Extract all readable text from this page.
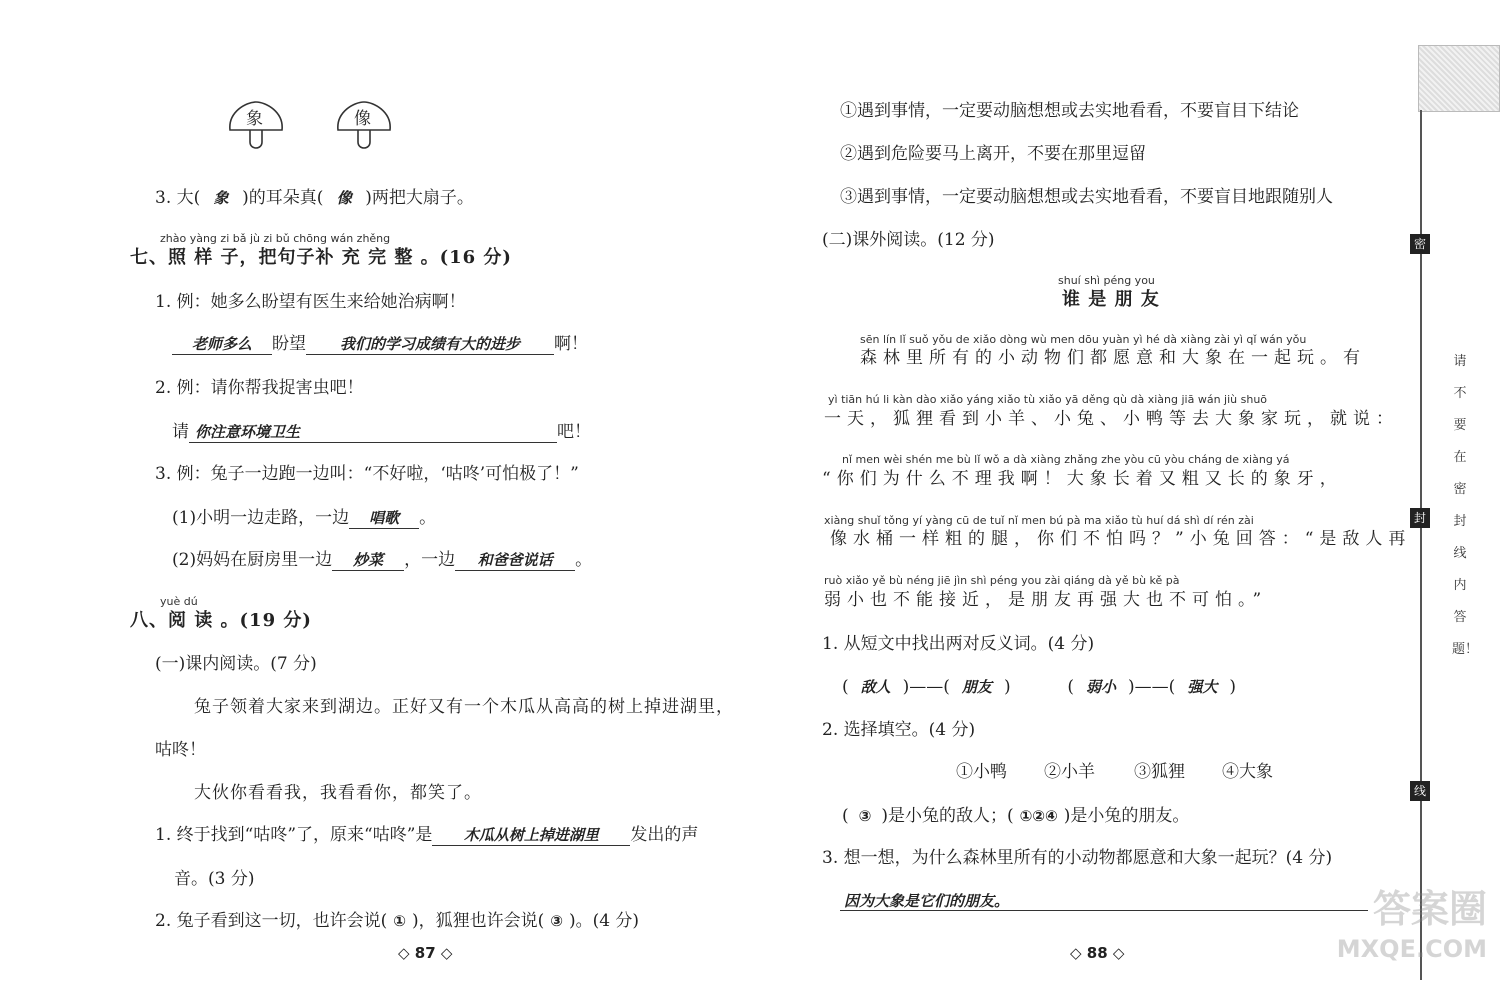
象	像
3. 大( 象 )的耳朵真( 像 )两把大扇子。
zhào yàng zi bǎ jù zi bǔ chōng wán zhěng
七、照 样 子，把句子补 充 完 整 。(16 分)
1. 例：她多么盼望有医生来给她治病啊！
老师多么 盼望 我们的学习成绩有大的进步 啊！
2. 例：请你帮我捉害虫吧！
请 你注意环境卫生	吧！
3. 例：兔子一边跑一边叫：“不好啦，‘咕咚’可怕极了！”
(1)小明一边走路，一边 唱歌 。
(2)妈妈在厨房里一边 炒菜 ，一边 和爸爸说话 。
yuè dú
八、阅 读 。(19 分)
(一)课内阅读。(7 分)
兔子领着大家来到湖边。正好又有一个木瓜从高高的树上掉进湖里，
咕咚！
大伙你看看我，我看看你，都笑了。
1. 终于找到“咕咚”了，原来“咕咚”是 木瓜从树上掉进湖里 发出的声
音。(3 分)
2. 兔子看到这一切，也许会说( ① )，狐狸也许会说( ③ )。(4 分)
◇ 87 ◇
①遇到事情，一定要动脑想想或去实地看看，不要盲目下结论
②遇到危险要马上离开，不要在那里逗留
③遇到事情，一定要动脑想想或去实地看看，不要盲目地跟随别人
(二)课外阅读。(12 分)
shuí shì péng you
谁 是 朋 友
sēn lín lǐ suǒ yǒu de xiǎo dòng wù men dōu yuàn yì hé dà xiàng zài yì qǐ wán yǒu
森林里所有的小动物们都愿意和大象在一起玩。有
yì tiān hú li kàn dào xiǎo yáng xiǎo tù xiǎo yā děng qù dà xiàng jiā wán jiù shuō
一天，狐狸看到小羊、小兔、小鸭等去大象家玩，就说：
nǐ men wèi shén me bù lǐ wǒ a dà xiàng zhǎng zhe yòu cū yòu cháng de xiàng yá
“你们为什么不理我啊！大象长着又粗又长的象牙，
xiàng shuǐ tǒng yí yàng cū de tuǐ nǐ men bú pà ma xiǎo tù huí dá shì dí rén zài
像水桶一样粗的腿，你们不怕吗？”小兔回答：“是敌人再
ruò xiǎo yě bù néng jiē jìn shì péng you zài qiáng dà yě bù kě pà
弱小也不能接近，是朋友再强大也不可怕。”
1. 从短文中找出两对反义词。(4 分)
( 敌人 )——( 朋友 )	( 弱小 )——( 强大 )
2. 选择填空。(4 分)
①小鸭 ②小羊 ③狐狸 ④大象
( ③ )是小兔的敌人；( ①②④ )是小兔的朋友。
3. 想一想，为什么森林里所有的小动物都愿意和大象一起玩？(4 分)
因为大象是它们的朋友。
◇ 88 ◇
密
封
线
请不要在密封线内答题！
答案圈
MXQE.COM
